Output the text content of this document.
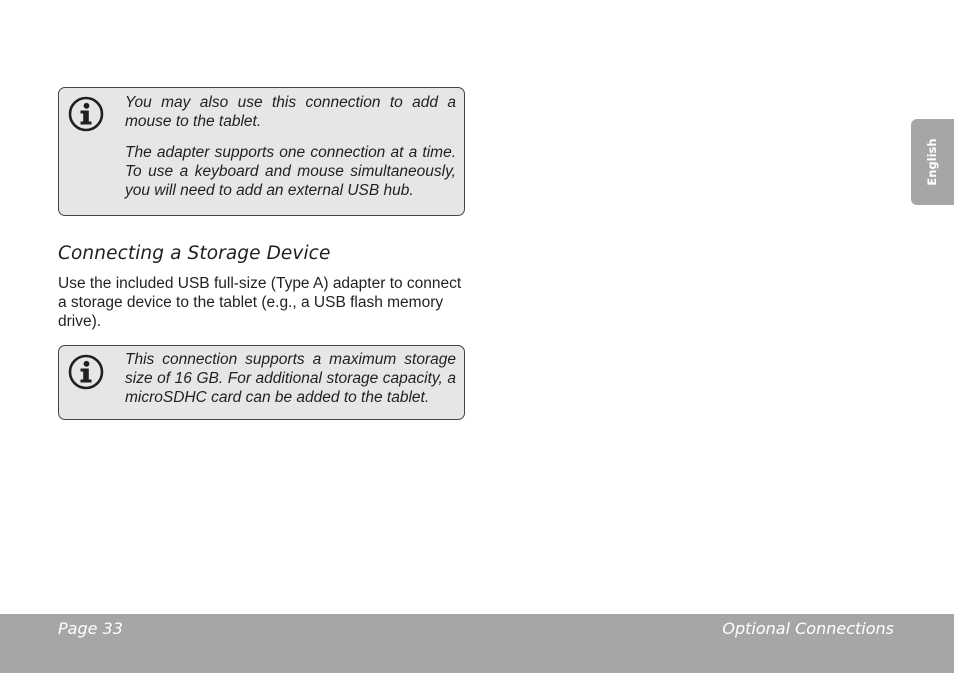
You may also use this connection to add a mouse to the tablet.

The adapter supports one connection at a time. To use a keyboard and mouse simultaneously, you will need to add an external USB hub.

Connecting a Storage Device

Use the included USB full-size (Type A) adapter to connect a storage device to the tablet (e.g., a USB flash memory drive).

This connection supports a maximum storage size of 16 GB. For additional storage capacity, a microSDHC card can be added to the tablet.

English
Page 33	Optional Connections
